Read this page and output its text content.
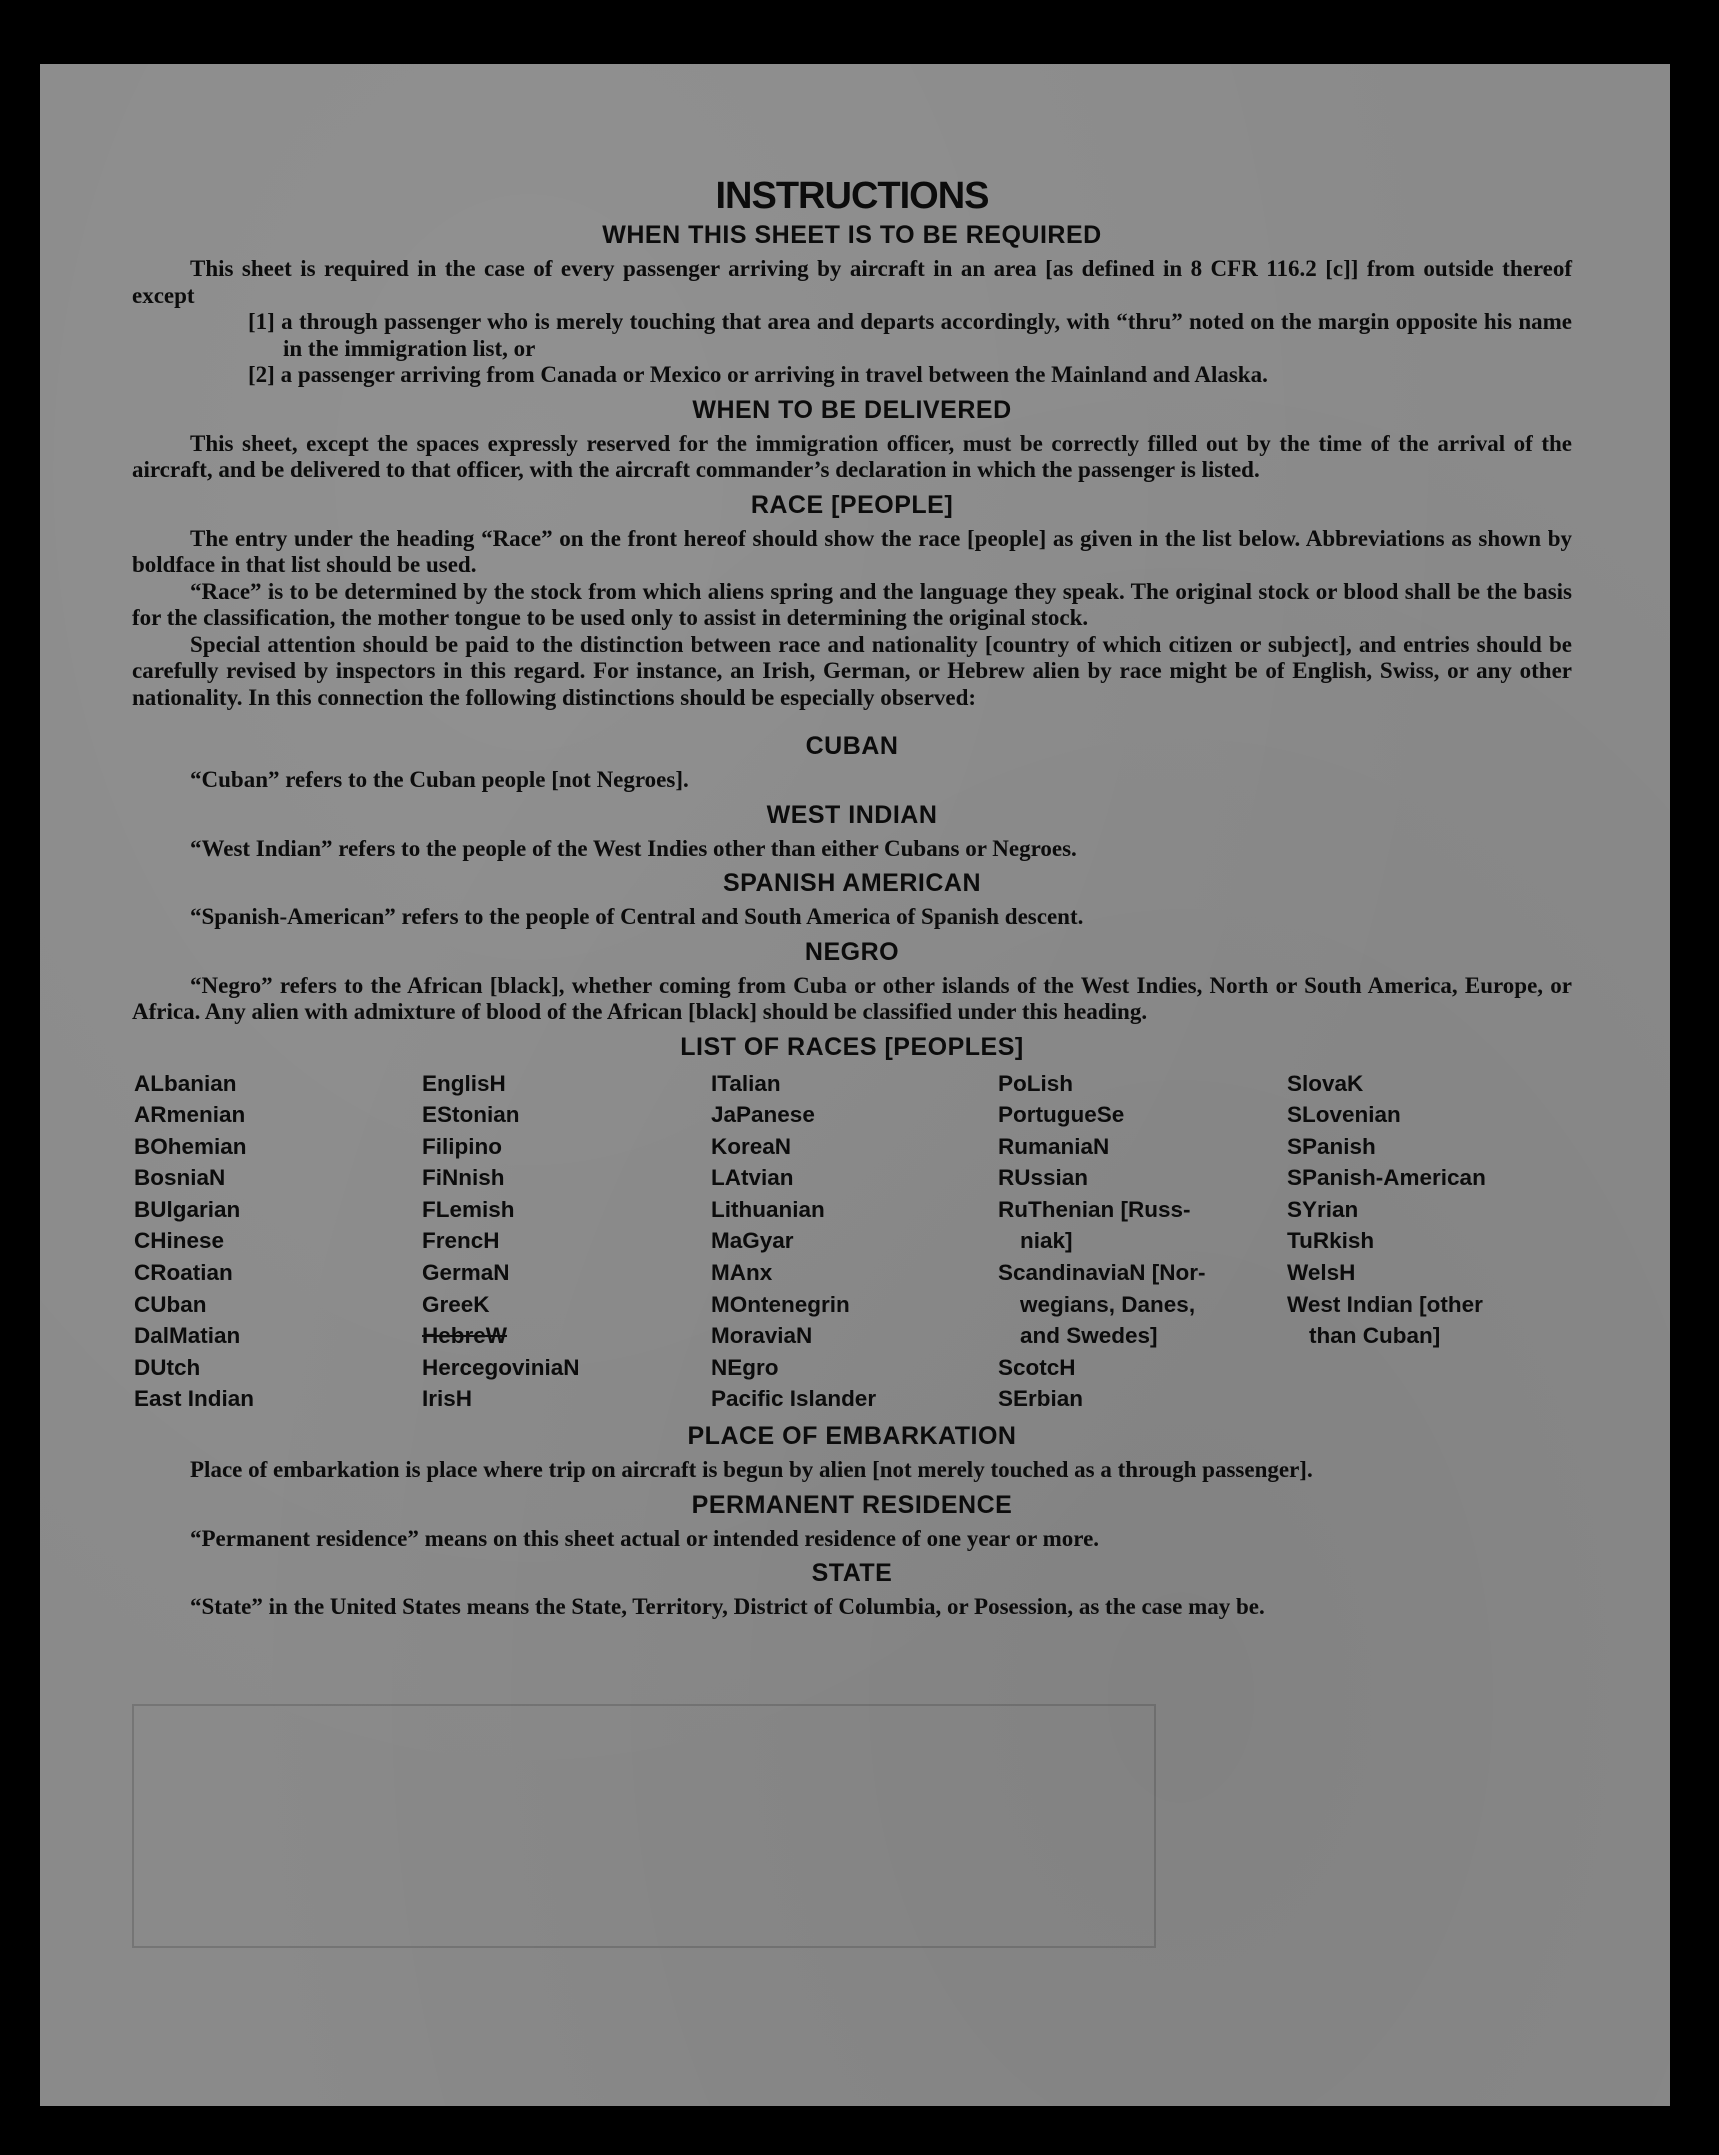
INSTRUCTIONS
WHEN THIS SHEET IS TO BE REQUIRED

This sheet is required in the case of every passenger arriving by aircraft in an area [as defined in 8 CFR 116.2 [c]] from outside thereof except

[1] a through passenger who is merely touching that area and departs accordingly, with “thru” noted on the margin opposite his name in the immigration list, or

[2] a passenger arriving from Canada or Mexico or arriving in travel between the Mainland and Alaska.

WHEN TO BE DELIVERED

This sheet, except the spaces expressly reserved for the immigration officer, must be correctly filled out by the time of the arrival of the aircraft, and be delivered to that officer, with the aircraft commander’s declaration in which the passenger is listed.

RACE [PEOPLE]

The entry under the heading “Race” on the front hereof should show the race [people] as given in the list below. Abbreviations as shown by boldface in that list should be used.

“Race” is to be determined by the stock from which aliens spring and the language they speak. The original stock or blood shall be the basis for the classification, the mother tongue to be used only to assist in determining the original stock.

Special attention should be paid to the distinction between race and nationality [country of which citizen or subject], and entries should be carefully revised by inspectors in this regard. For instance, an Irish, German, or Hebrew alien by race might be of English, Swiss, or any other nationality. In this connection the following distinctions should be especially observed:

CUBAN

“Cuban” refers to the Cuban people [not Negroes].

WEST INDIAN

“West Indian” refers to the people of the West Indies other than either Cubans or Negroes.

SPANISH AMERICAN

“Spanish-American” refers to the people of Central and South America of Spanish descent.

NEGRO

“Negro” refers to the African [black], whether coming from Cuba or other islands of the West Indies, North or South America, Europe, or Africa. Any alien with admixture of blood of the African [black] should be classified under this heading.

LIST OF RACES [PEOPLES]
ALbanian
ARmenian
BOhemian
BosniaN
BUlgarian
CHinese
CRoatian
CUban
DalMatian
DUtch
East Indian
EnglisH
EStonian
Filipino
FiNnish
FLemish
FrencH
GermaN
GreeK
HebreW
HercegoviniaN
IrisH
ITalian
JaPanese
KoreaN
LAtvian
Lithuanian
MaGyar
MAnx
MOntenegrin
MoraviaN
NEgro
Pacific Islander
PoLish
PortugueSe
RumaniaN
RUssian
RuThenian [Russ-
niak]
ScandinaviaN [Nor-
wegians, Danes,
and Swedes]
ScotcH
SErbian
SlovaK
SLovenian
SPanish
SPanish-American
SYrian
TuRkish
WelsH
West Indian [other
than Cuban]
PLACE OF EMBARKATION

Place of embarkation is place where trip on aircraft is begun by alien [not merely touched as a through passenger].

PERMANENT RESIDENCE

“Permanent residence” means on this sheet actual or intended residence of one year or more.

STATE

“State” in the United States means the State, Territory, District of Columbia, or Posession, as the case may be.
